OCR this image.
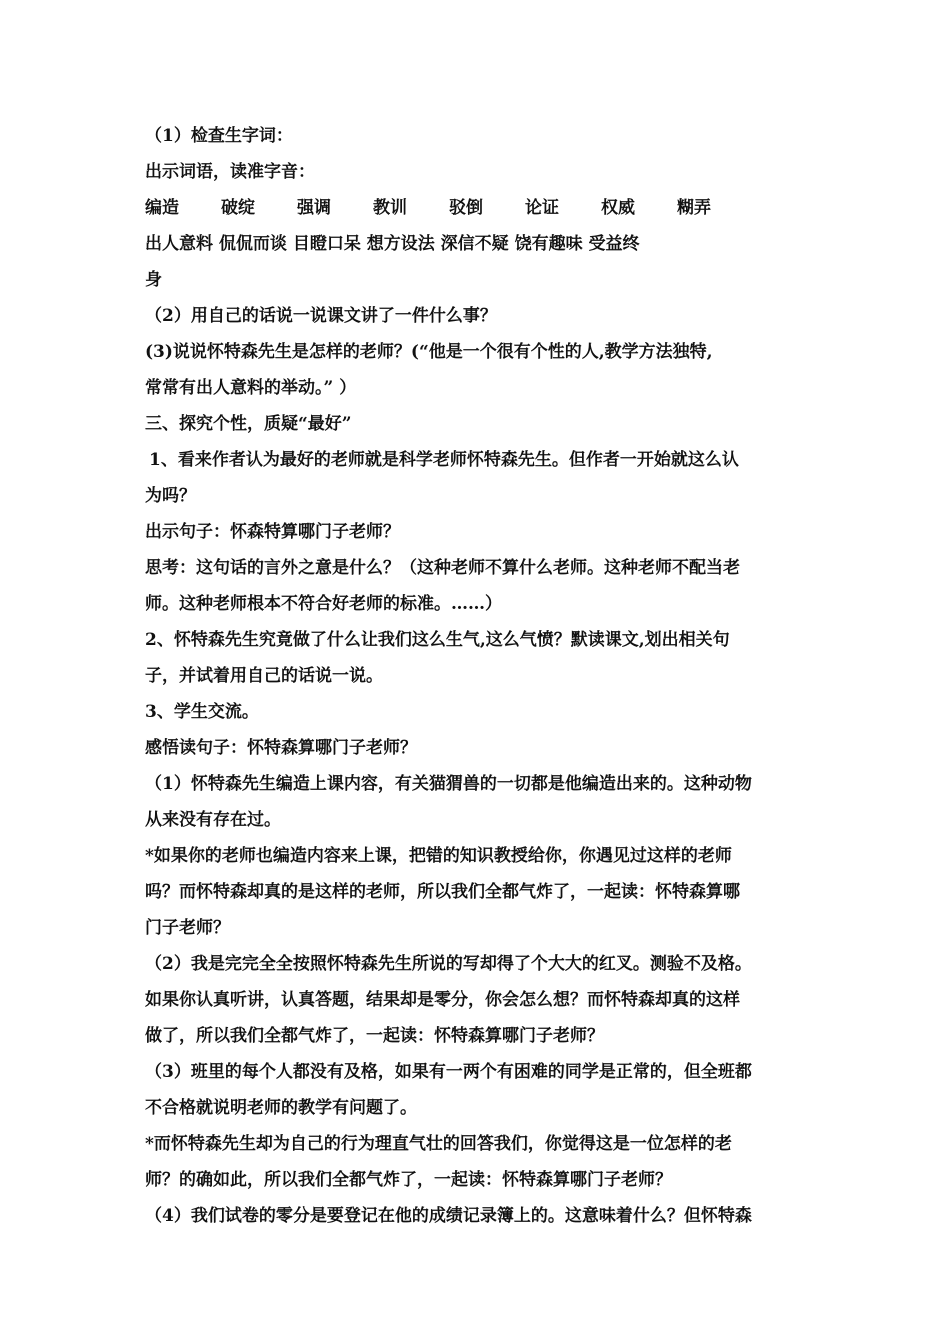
（1）检查生字词：
出示词语，读准字音：
编造	破绽	强调	教训	驳倒	论证	权威	糊弄
出人意料 侃侃而谈 目瞪口呆 想方设法 深信不疑 饶有趣味 受益终
身
（2）用自己的话说一说课文讲了一件什么事？
(3)说说怀特森先生是怎样的老师？(“他是一个很有个性的人,教学方法独特,
常常有出人意料的举动。” ）
三、探究个性，质疑“最好”
1、看来作者认为最好的老师就是科学老师怀特森先生。但作者一开始就这么认
为吗？
出示句子：怀森特算哪门子老师？
思考：这句话的言外之意是什么？（这种老师不算什么老师。这种老师不配当老
师。这种老师根本不符合好老师的标准。……）
2、怀特森先生究竟做了什么让我们这么生气,这么气愤？默读课文,划出相关句
子，并试着用自己的话说一说。
3、学生交流。
感悟读句子：怀特森算哪门子老师？
（1）怀特森先生编造上课内容，有关猫猬兽的一切都是他编造出来的。这种动物
从来没有存在过。
*如果你的老师也编造内容来上课，把错的知识教授给你，你遇见过这样的老师
吗？而怀特森却真的是这样的老师，所以我们全都气炸了，一起读：怀特森算哪
门子老师？
（2）我是完完全全按照怀特森先生所说的写却得了个大大的红叉。测验不及格。
如果你认真听讲，认真答题，结果却是零分，你会怎么想？而怀特森却真的这样
做了，所以我们全都气炸了，一起读：怀特森算哪门子老师？
（3）班里的每个人都没有及格，如果有一两个有困难的同学是正常的，但全班都
不合格就说明老师的教学有问题了。
*而怀特森先生却为自己的行为理直气壮的回答我们，你觉得这是一位怎样的老
师？的确如此，所以我们全都气炸了，一起读：怀特森算哪门子老师？
（4）我们试卷的零分是要登记在他的成绩记录簿上的。这意味着什么？但怀特森
